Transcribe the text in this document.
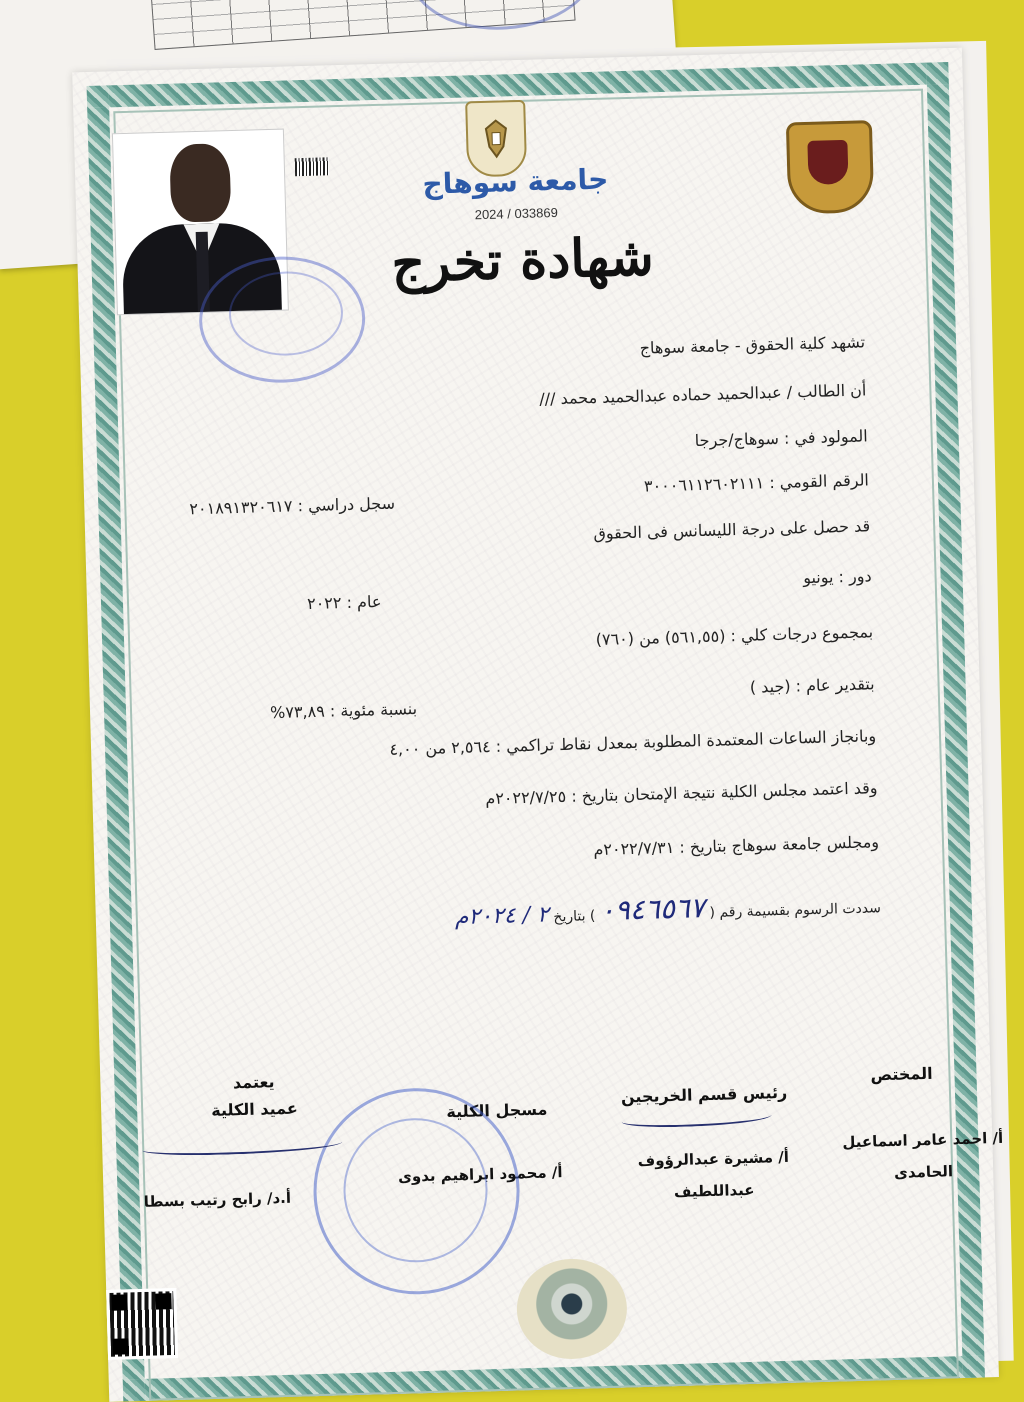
جامعة سوهاج
2024 / 033869
شهادة تخرج
تشهد كلية الحقوق - جامعة سوهاج
أن الطالب / عبدالحميد حماده عبدالحميد محمد ///
المولود في : سوهاج/جرجا
الرقم القومي : ٣٠٠٠٦١١٢٦٠٢١١١
سجل دراسي : ٢٠١٨٩١٣٢٠٦١٧
قد حصل على درجة الليسانس فى الحقوق
دور : يونيو
عام : ٢٠٢٢
بمجموع درجات كلي : (٥٦١,٥٥) من (٧٦٠)
بتقدير عام : (جيد )
بنسبة مئوية : ٧٣,٨٩%
وبانجاز الساعات المعتمدة المطلوبة بمعدل نقاط تراكمي : ٢,٥٦٤ من ٤,٠٠
وقد اعتمد مجلس الكلية نتيجة الإمتحان بتاريخ : ٢٠٢٢/٧/٢٥م
ومجلس جامعة سوهاج بتاريخ : ٢٠٢٢/٧/٣١م
سددت الرسوم بقسيمة رقم ( ٠٩٤٦٥٦٧ ) بتاريخ ٢ / ٢٠٢٤م
المختص
أ/ احمد عامر اسماعيل
الحامدى
رئيس قسم الخريجين
أ/ مشيرة عبدالرؤوف
عبداللطيف
مسجل الكلية
أ/ محمود ابراهيم بدوى
يعتمد
عميد الكلية
أ.د/ رابح رتيب بسطا
